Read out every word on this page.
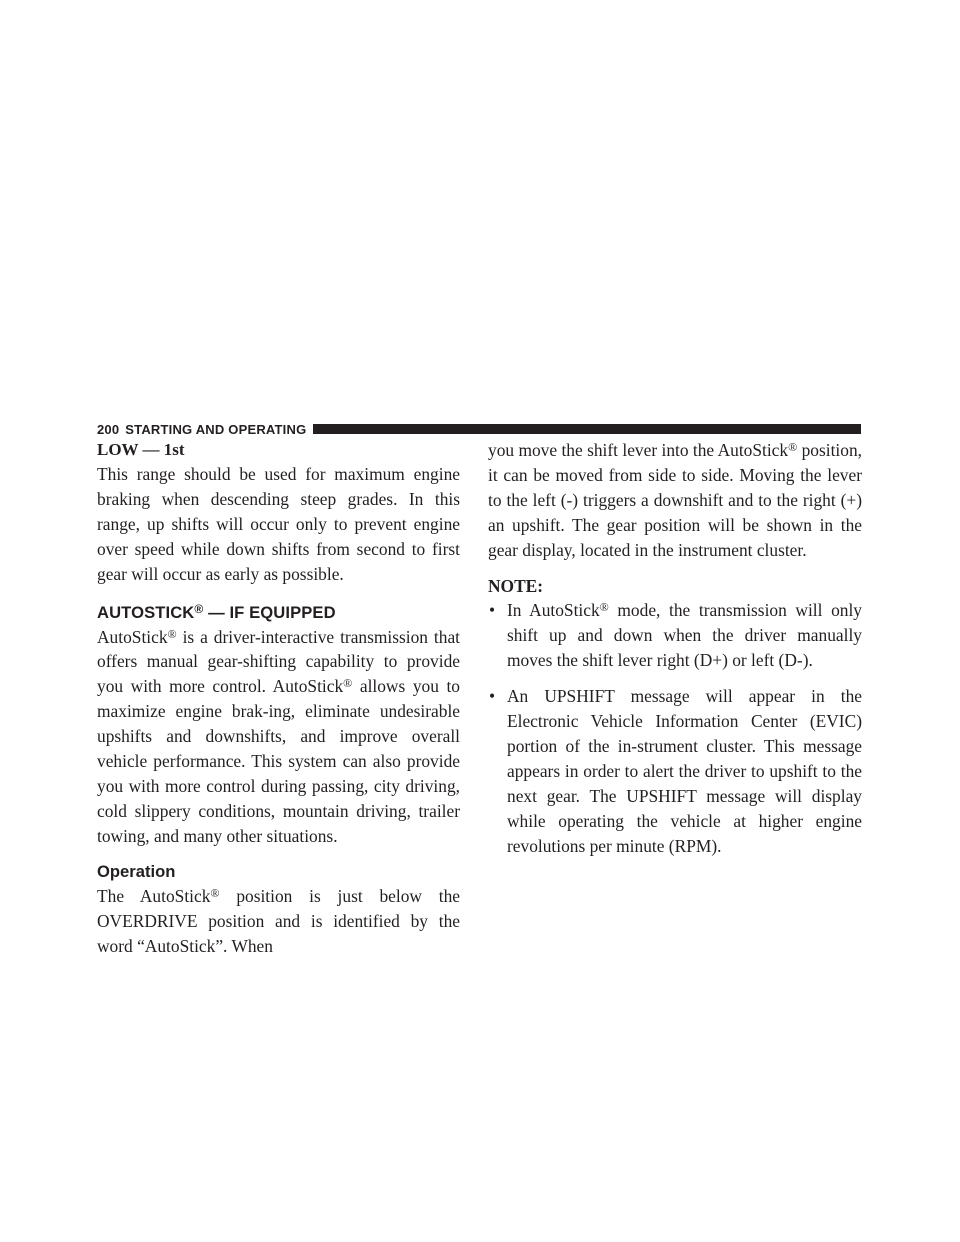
200 STARTING AND OPERATING

LOW — 1st

This range should be used for maximum engine braking when descending steep grades. In this range, up shifts will occur only to prevent engine over speed while down shifts from second to first gear will occur as early as possible.

AUTOSTICK® — IF EQUIPPED

AutoStick® is a driver-interactive transmission that offers manual gear-shifting capability to provide you with more control. AutoStick® allows you to maximize engine brak-ing, eliminate undesirable upshifts and downshifts, and improve overall vehicle performance. This system can also provide you with more control during passing, city driving, cold slippery conditions, mountain driving, trailer towing, and many other situations.

Operation

The AutoStick® position is just below the OVERDRIVE position and is identified by the word “AutoStick”. When

you move the shift lever into the AutoStick® position, it can be moved from side to side. Moving the lever to the left (-) triggers a downshift and to the right (+) an upshift. The gear position will be shown in the gear display, located in the instrument cluster.

NOTE:

• In AutoStick® mode, the transmission will only shift up and down when the driver manually moves the shift lever right (D+) or left (D-).
• An UPSHIFT message will appear in the Electronic Vehicle Information Center (EVIC) portion of the in-strument cluster. This message appears in order to alert the driver to upshift to the next gear. The UPSHIFT message will display while operating the vehicle at higher engine revolutions per minute (RPM).
